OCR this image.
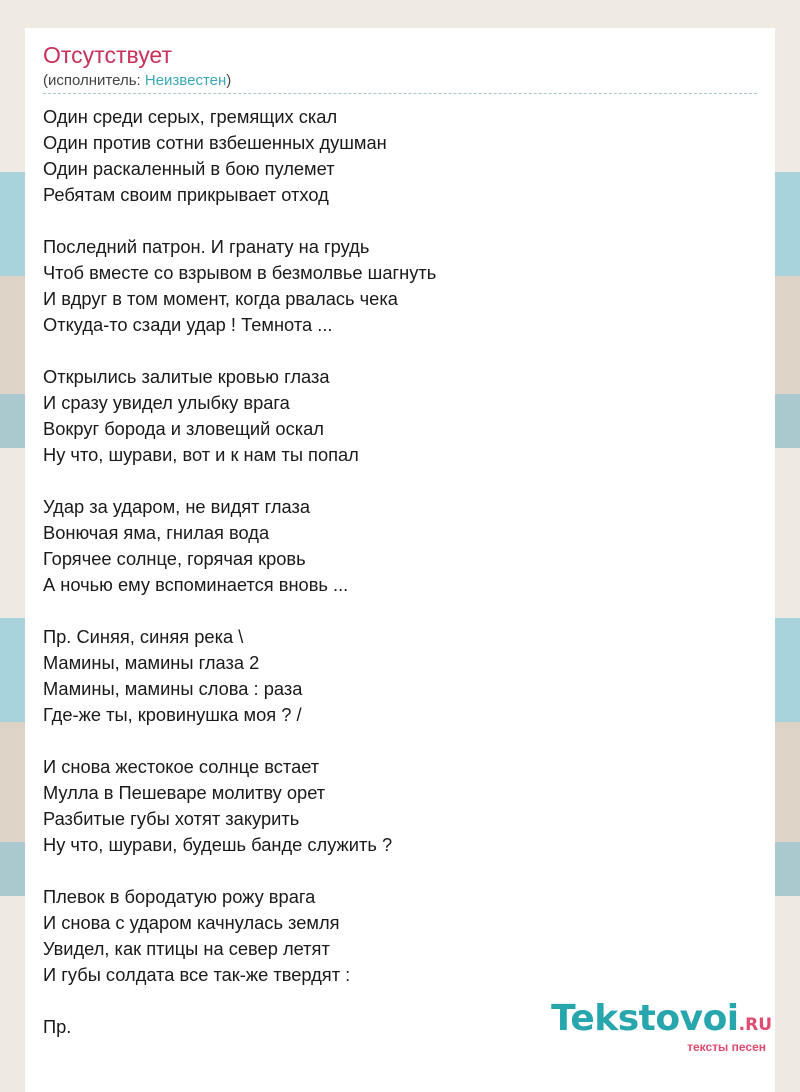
Отсутствует
(исполнитель: Неизвестен)
Один среди серых, гремящих скал
Один против сотни взбешенных душман
Один раскаленный в бою пулемет
Ребятам своим прикрывает отход
Последний патрон. И гранату на грудь
Чтоб вместе со взрывом в безмолвье шагнуть
И вдруг в том момент, когда рвалась чека
Откуда-то сзади удар ! Темнота ...
Открылись залитые кровью глаза
И сразу увидел улыбку врага
Вокруг борода и зловещий оскал
Ну что, шурави, вот и к нам ты попал
Удар за ударом, не видят глаза
Вонючая яма, гнилая вода
Горячее солнце, горячая кровь
А ночью ему вспоминается вновь ...
Пр. Синяя, синяя река \
Мамины, мамины глаза 2
Мамины, мамины слова : раза
Где-же ты, кровинушка моя ? /
И снова жестокое солнце встает
Мулла в Пешеваре молитву орет
Разбитые губы хотят закурить
Ну что, шурави, будешь банде служить ?
Плевок в бородатую рожу врага
И снова с ударом качнулась земля
Увидел, как птицы на север летят
И губы солдата все так-же твердят :
Пр.	Tekstovoi.RU
тексты песен
